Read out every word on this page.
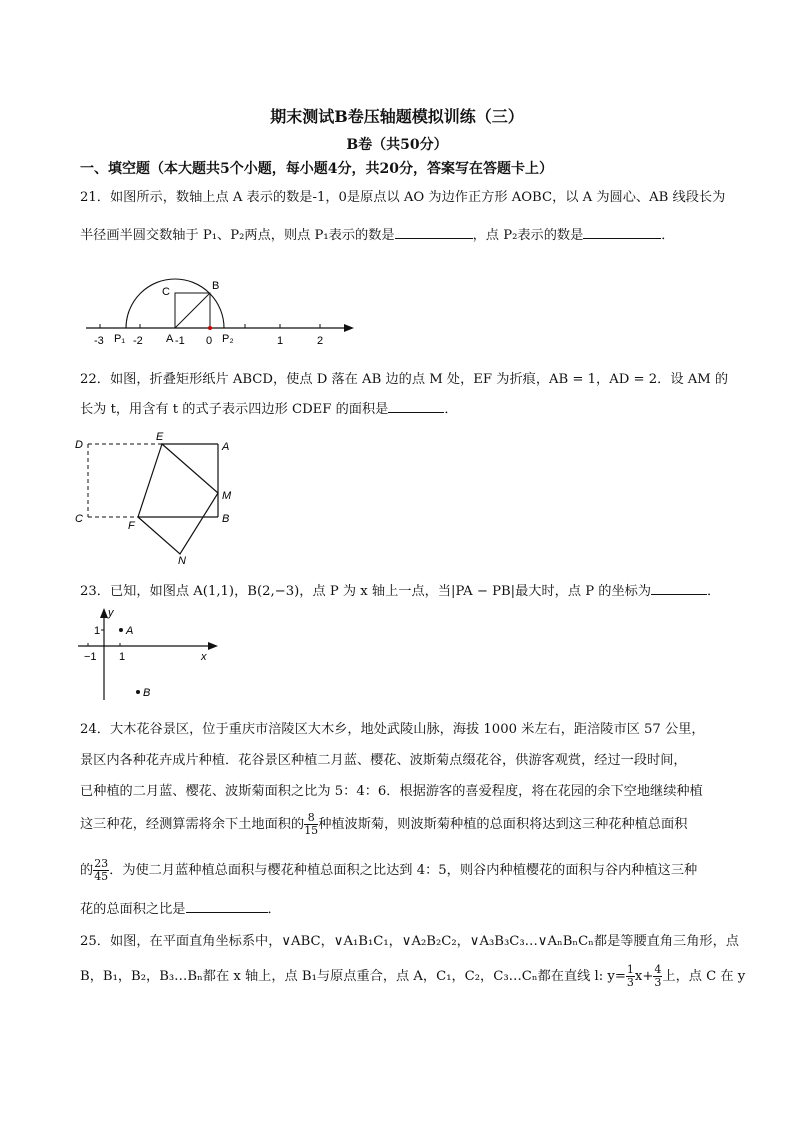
期末测试B卷压轴题模拟训练（三）
B卷（共50分）
一、填空题（本大题共5个小题，每小题4分，共20分，答案写在答题卡上）
21．如图所示，数轴上点 A 表示的数是-1，0是原点以 AO 为边作正方形 AOBC，以 A 为圆心、AB 线段长为
半径画半圆交数轴于 P₁、P₂两点，则点 P₁表示的数是	，点 P₂表示的数是	．
-3	-2	-1 0	1	2
P₁	A	P₂
B
C
22．如图，折叠矩形纸片 ABCD，使点 D 落在 AB 边的点 M 处，EF 为折痕，AB = 1，AD = 2．设 AM 的
长为 t，用含有 t 的式子表示四边形 CDEF 的面积是	．
D
E
A
M
C
F
B
N
23．已知，如图点 A(1,1)，B(2,−3)，点 P 为 x 轴上一点，当|PA − PB|最大时，点 P 的坐标为	．
y
1
−1 1	x
A
B
24．大木花谷景区，位于重庆市涪陵区大木乡，地处武陵山脉，海拔 1000 米左右，距涪陵市区 57 公里，
景区内各种花卉成片种植．花谷景区种植二月蓝、樱花、波斯菊点缀花谷，供游客观赏，经过一段时间，
已种植的二月蓝、樱花、波斯菊面积之比为 5：4：6．根据游客的喜爱程度，将在花园的余下空地继续种植
这三种花，经测算需将余下土地面积的 $\frac{8}{15}$ 种植波斯菊，则波斯菊种植的总面积将达到这三种花种植总面积
的 $\frac{23}{45}$ ．为使二月蓝种植总面积与樱花种植总面积之比达到 4：5，则谷内种植樱花的面积与谷内种植这三种
花的总面积之比是	．
25．如图，在平面直角坐标系中，∨ABC，∨A₁B₁C₁，∨A₂B₂C₂，∨A₃B₃C₃…∨AₙBₙCₙ都是等腰直角三角形，点
B，B₁，B₂，B₃…Bₙ都在 x 轴上，点 B₁与原点重合，点 A，C₁，C₂，C₃…Cₙ都在直线 l: $y= \frac{1}{3} x+ \frac{4}{3}$ 上，点 C 在 y
